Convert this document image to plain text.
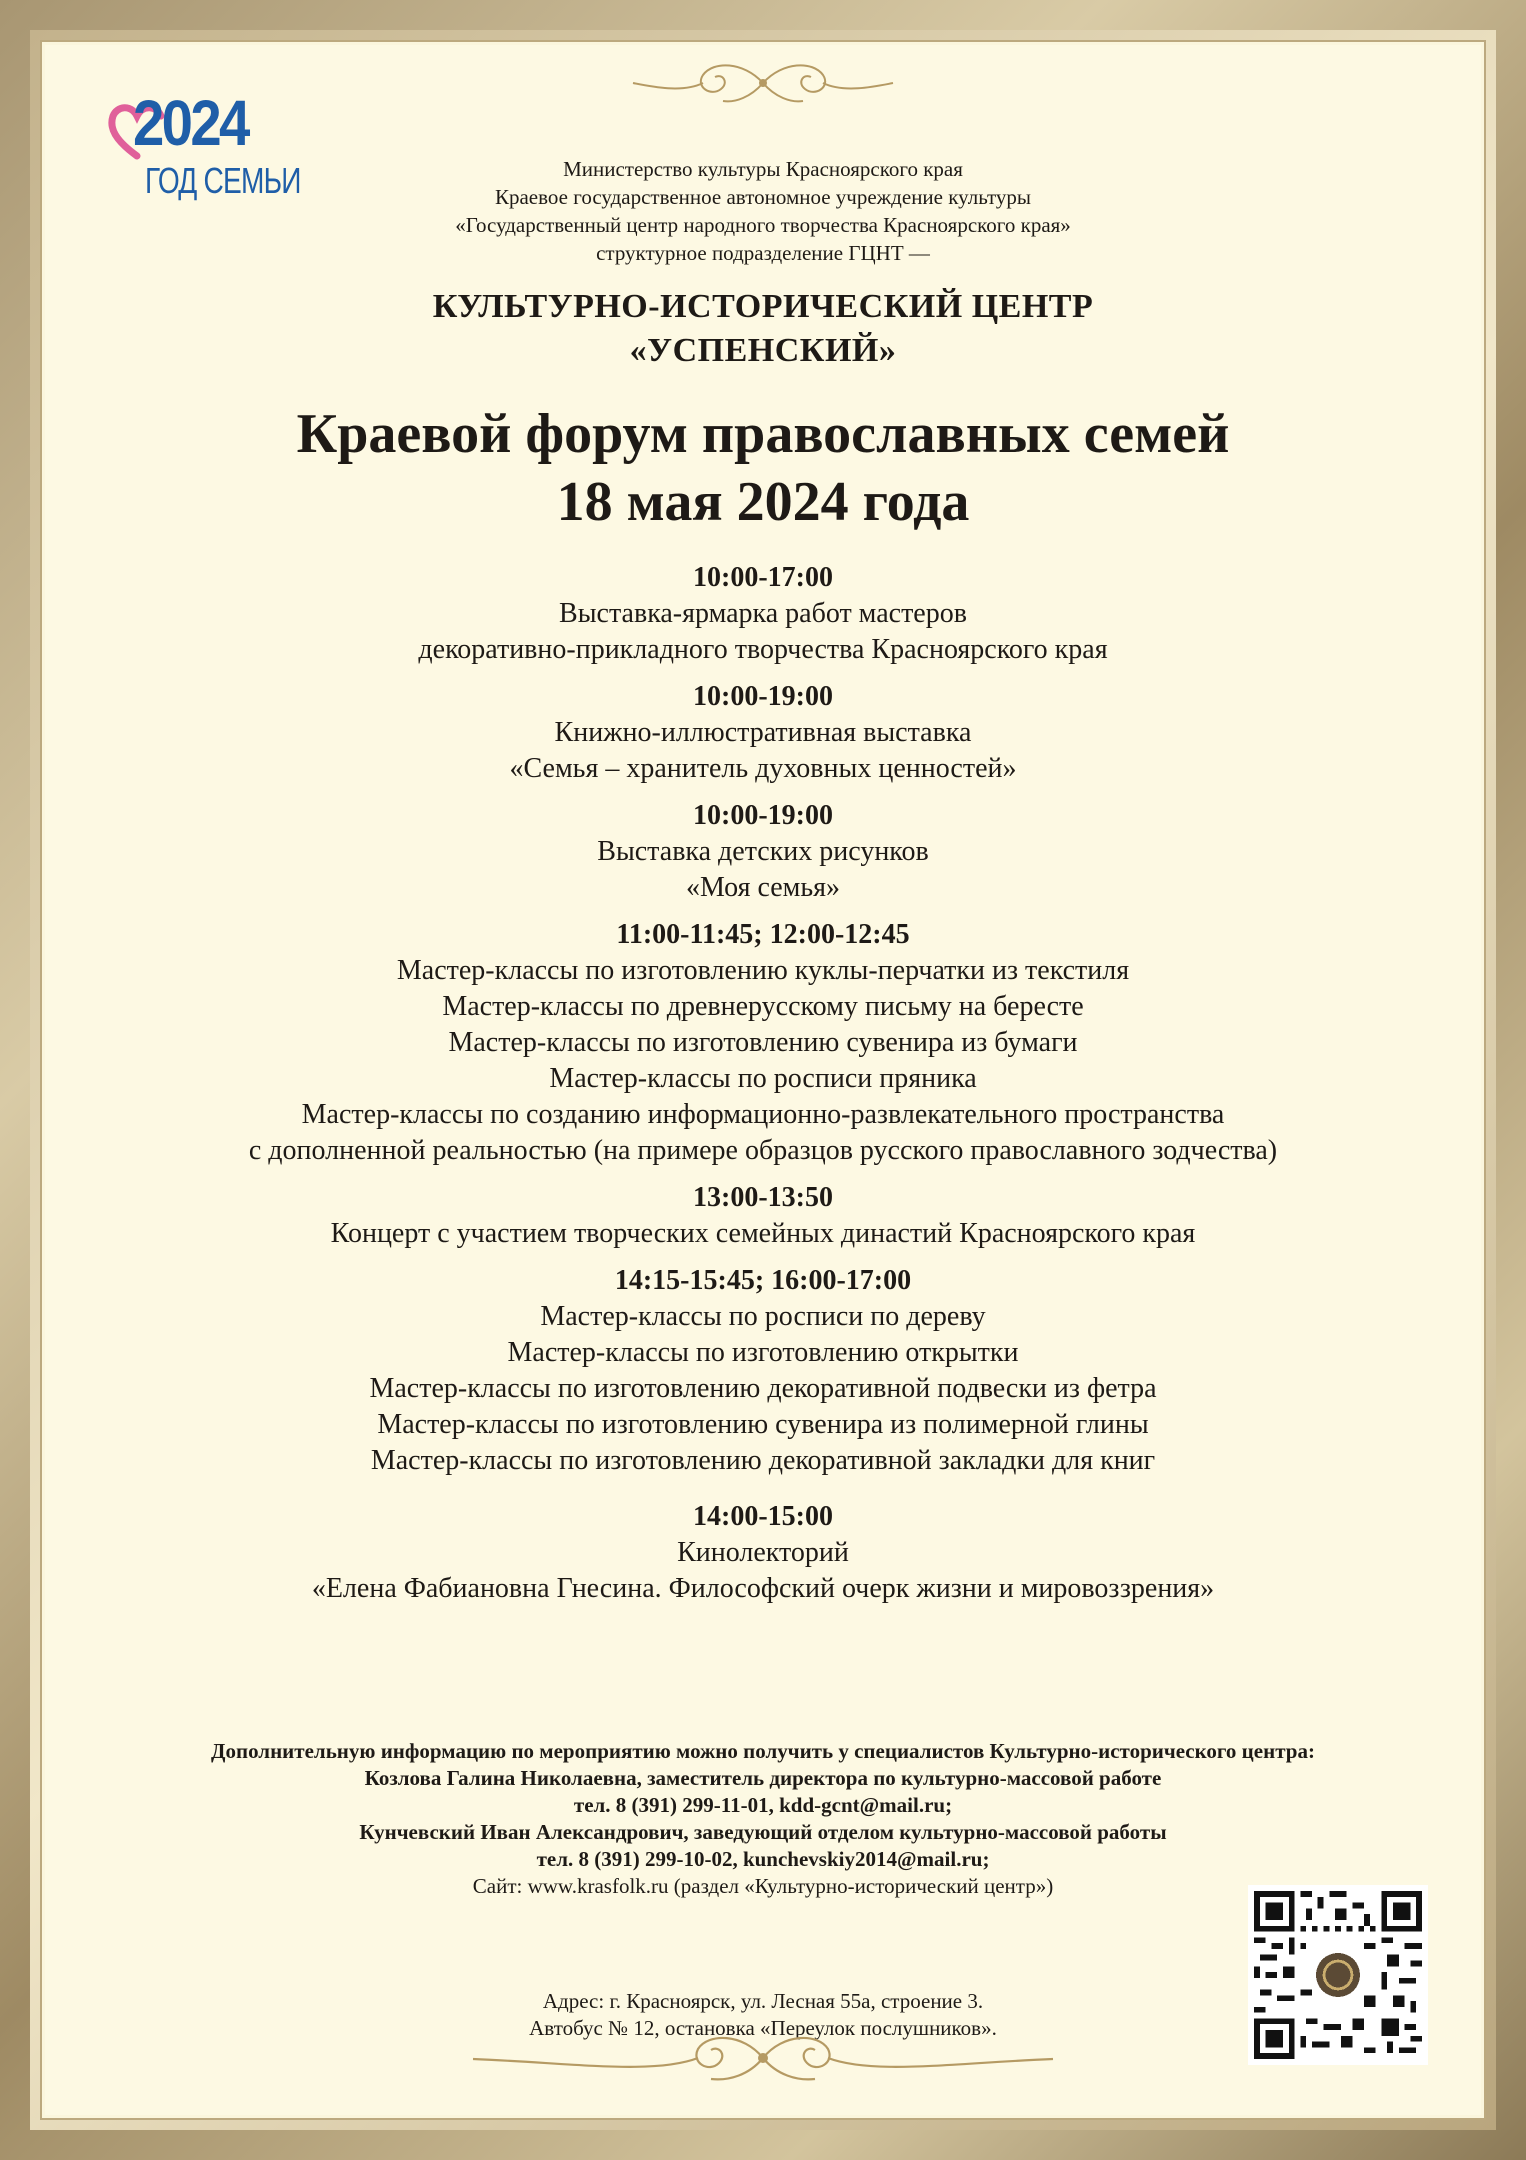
2024
ГОД СЕМЬИ	Министерство культуры Красноярского края
Краевое государственное автономное учреждение культуры
«Государственный центр народного творчества Красноярского края»
структурное подразделение ГЦНТ —
КУЛЬТУРНО-ИСТОРИЧЕСКИЙ ЦЕНТР
«УСПЕНСКИЙ»
Краевой форум православных семей
18 мая 2024 года
10:00-17:00
Выставка-ярмарка работ мастеров
декоративно-прикладного творчества Красноярского края
10:00-19:00
Книжно-иллюстративная выставка
«Семья – хранитель духовных ценностей»
10:00-19:00
Выставка детских рисунков
«Моя семья»
11:00-11:45; 12:00-12:45
Мастер-классы по изготовлению куклы-перчатки из текстиля
Мастер-классы по древнерусскому письму на бересте
Мастер-классы по изготовлению сувенира из бумаги
Мастер-классы по росписи пряника
Мастер-классы по созданию информационно-развлекательного пространства
с дополненной реальностью (на примере образцов русского православного зодчества)
13:00-13:50
Концерт с участием творческих семейных династий Красноярского края
14:15-15:45; 16:00-17:00
Мастер-классы по росписи по дереву
Мастер-классы по изготовлению открытки
Мастер-классы по изготовлению декоративной подвески из фетра
Мастер-классы по изготовлению сувенира из полимерной глины
Мастер-классы по изготовлению декоративной закладки для книг
14:00-15:00
Кинолекторий
«Елена Фабиановна Гнесина. Философский очерк жизни и мировоззрения»
Дополнительную информацию по мероприятию можно получить у специалистов Культурно-исторического центра:
Козлова Галина Николаевна, заместитель директора по культурно-массовой работе
тел. 8 (391) 299-11-01, kdd-gcnt@mail.ru;
Кунчевский Иван Александрович, заведующий отделом культурно-массовой работы
тел. 8 (391) 299-10-02, kunchevskiy2014@mail.ru;
Сайт: www.krasfolk.ru (раздел «Культурно-исторический центр»)
Адрес: г. Красноярск, ул. Лесная 55а, строение 3.
Автобус № 12, остановка «Переулок послушников».
